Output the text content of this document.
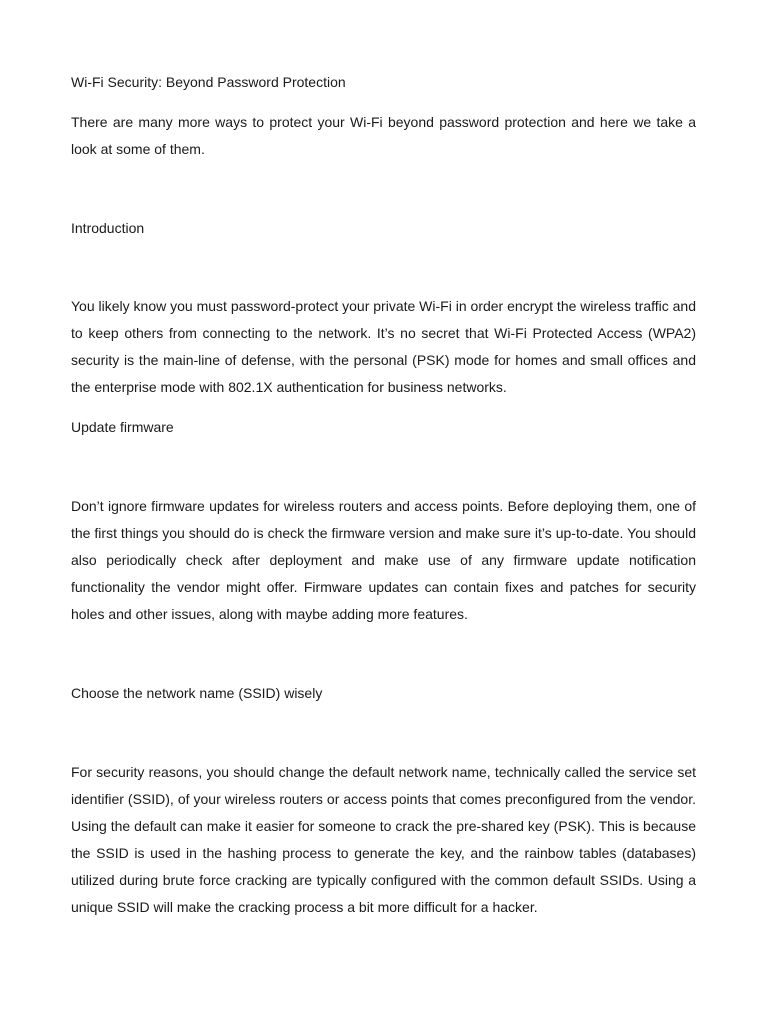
Wi-Fi Security: Beyond Password Protection

There are many more ways to protect your Wi-Fi beyond password protection and here we take a look at some of them.

Introduction

You likely know you must password-protect your private Wi-Fi in order encrypt the wireless traffic and to keep others from connecting to the network. It’s no secret that Wi-Fi Protected Access (WPA2) security is the main-line of defense, with the personal (PSK) mode for homes and small offices and the enterprise mode with 802.1X authentication for business networks.

Update firmware

Don’t ignore firmware updates for wireless routers and access points. Before deploying them, one of the first things you should do is check the firmware version and make sure it’s up-to-date. You should also periodically check after deployment and make use of any firmware update notification functionality the vendor might offer. Firmware updates can contain fixes and patches for security holes and other issues, along with maybe adding more features.

Choose the network name (SSID) wisely

For security reasons, you should change the default network name, technically called the service set identifier (SSID), of your wireless routers or access points that comes preconfigured from the vendor. Using the default can make it easier for someone to crack the pre-shared key (PSK). This is because the SSID is used in the hashing process to generate the key, and the rainbow tables (databases) utilized during brute force cracking are typically configured with the common default SSIDs. Using a unique SSID will make the cracking process a bit more difficult for a hacker.
